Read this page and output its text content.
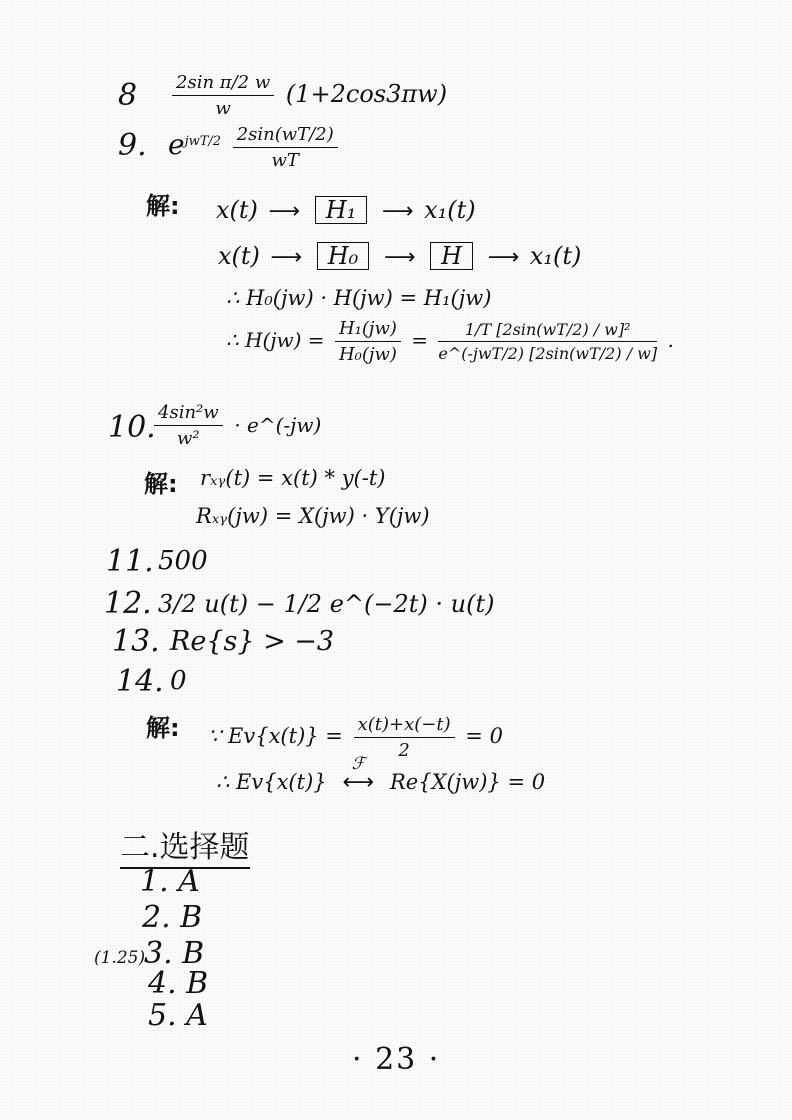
$8 \frac{\text{2sin π/2 w}}{w} (1+2\cos 3\pi w)$
9. $e^{jwT/2} \frac{2\sin(wT/2)}{wT}$
解: x(t) ⟶ H₁ ⟶ x₁(t)
x(t) ⟶ H₀ ⟶ H ⟶ x₁(t)
∴ H₀(jw) · H(jw) = H₁(jw)
∴ $H(jw) = \frac{\text{H₁(jw)}}{\text{H₀(jw)}} = \frac{\text{1/T [2sin(wT/2) / w]²}}{\text{e\textasciicircum{}(-jwT/2) [2sin(wT/2) / w]}}$ .
10.
$\frac{\text{4sin²w}}{\text{w²}}$ · e^(-jw)
解: rₓᵧ(t) = x(t) * y(-t)
Rₓᵧ(jw) = X(jw) · Y(jw)
11. 500
12. 3/2 u(t) − 1/2 e^(−2t) · u(t)
13. Re{s} > −3
14. 0
解: ∵ $Ev\{x(t)\} = \frac{x(t)+x(-t)}{2} = 0$
∴ Ev{x(t)}
ℱ
⟷ Re{X(jw)} = 0
二.选择题
1. A
2. B
(1.25)
3. B
4. B
5. A
· 23 ·
